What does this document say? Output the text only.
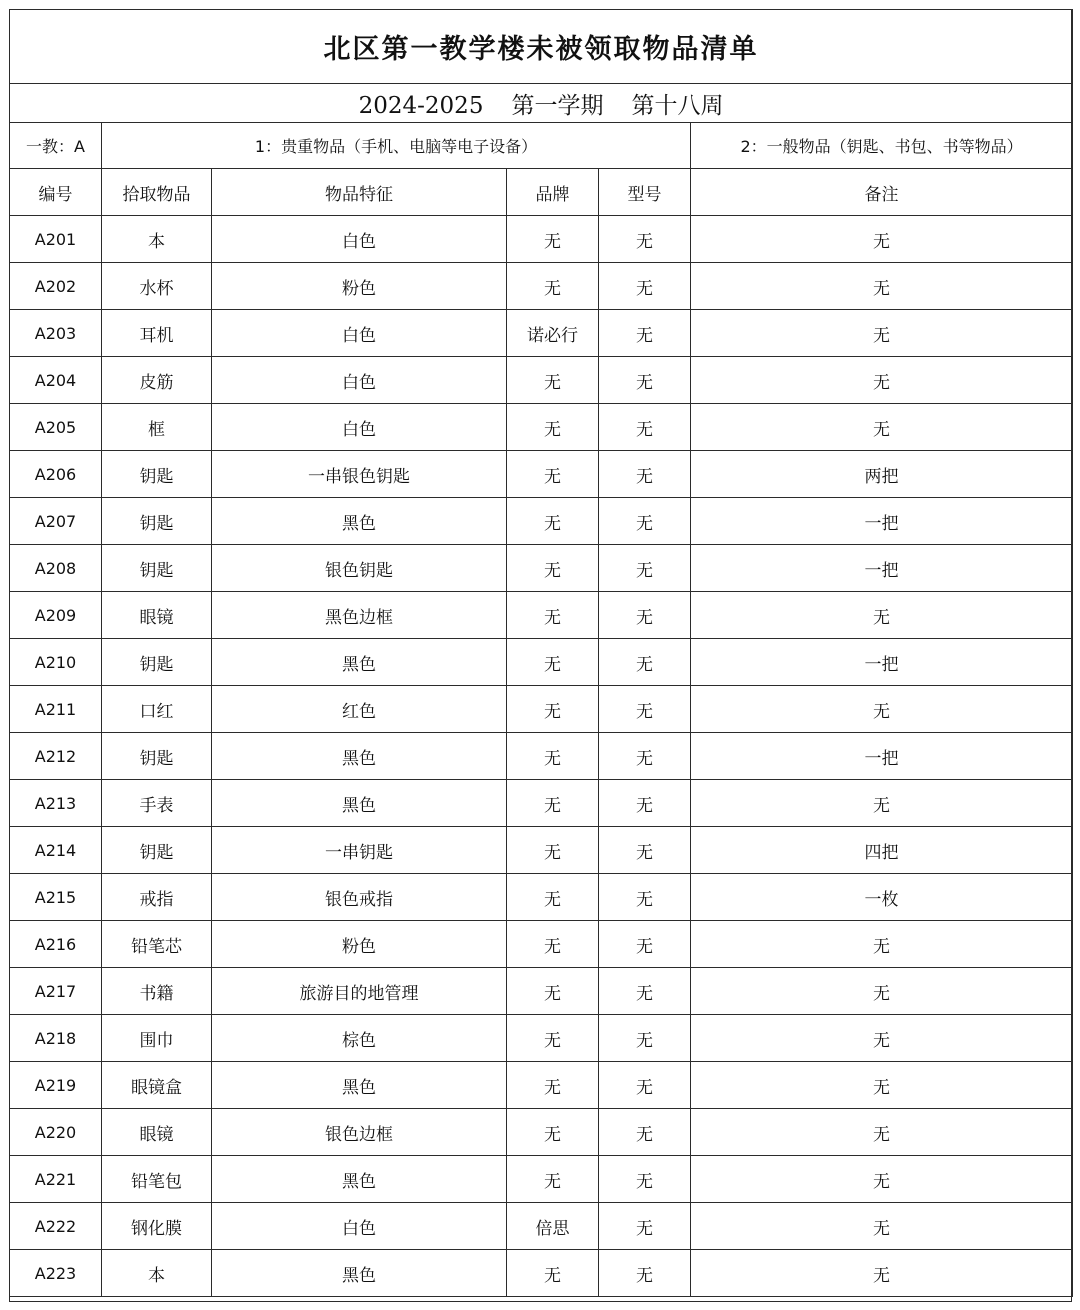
北区第一教学楼未被领取物品清单					
2024-2025 第一学期 第十八周					
一教：A	1：贵重物品（手机、电脑等电子设备）				2：一般物品（钥匙、书包、书等物品）
编号	拾取物品	物品特征	品牌	型号	备注
A201	本	白色	无	无	无
A202	水杯	粉色	无	无	无
A203	耳机	白色	诺必行	无	无
A204	皮筋	白色	无	无	无
A205	框	白色	无	无	无
A206	钥匙	一串银色钥匙	无	无	两把
A207	钥匙	黑色	无	无	一把
A208	钥匙	银色钥匙	无	无	一把
A209	眼镜	黑色边框	无	无	无
A210	钥匙	黑色	无	无	一把
A211	口红	红色	无	无	无
A212	钥匙	黑色	无	无	一把
A213	手表	黑色	无	无	无
A214	钥匙	一串钥匙	无	无	四把
A215	戒指	银色戒指	无	无	一枚
A216	铅笔芯	粉色	无	无	无
A217	书籍	旅游目的地管理	无	无	无
A218	围巾	棕色	无	无	无
A219	眼镜盒	黑色	无	无	无
A220	眼镜	银色边框	无	无	无
A221	铅笔包	黑色	无	无	无
A222	钢化膜	白色	倍思	无	无
A223	本	黑色	无	无	无
